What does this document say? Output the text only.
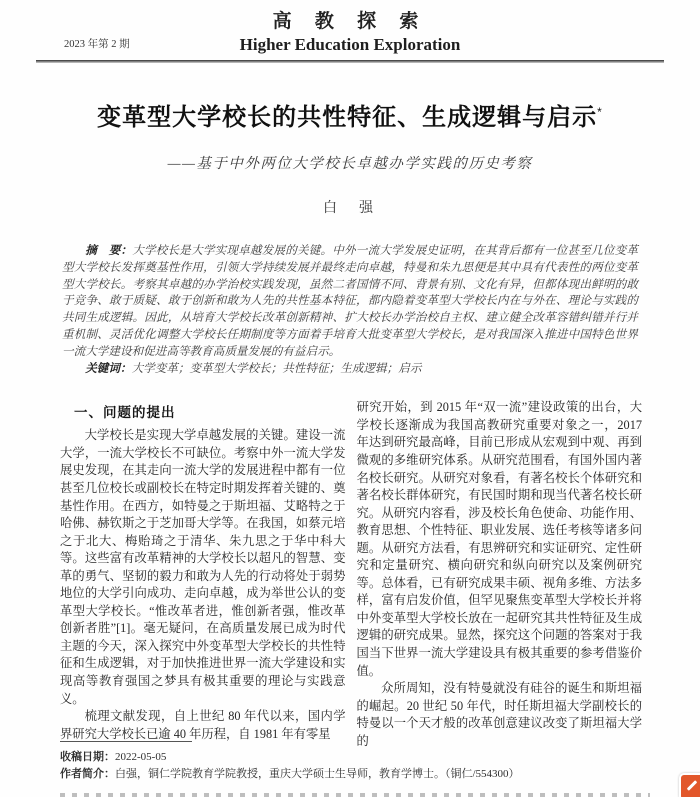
高 教 探 索
Higher Education Exploration
2023 年第 2 期
变革型大学校长的共性特征、生成逻辑与启示*
——基于中外两位大学校长卓越办学实践的历史考察
白　强

摘　要：大学校长是大学实现卓越发展的关键。中外一流大学发展史证明，在其背后都有一位甚至几位变革型大学校长发挥奠基性作用，引领大学持续发展并最终走向卓越，特曼和朱九思便是其中具有代表性的两位变革型大学校长。考察其卓越的办学治校实践发现，虽然二者国情不同、背景有别、文化有异，但都体现出鲜明的敢于竞争、敢于质疑、敢于创新和敢为人先的共性基本特征，都内隐着变革型大学校长内在与外在、理论与实践的共同生成逻辑。因此，从培育大学校长改革创新精神、扩大校长办学治校自主权、建立健全改革容错纠错并行并重机制、灵活优化调整大学校长任期制度等方面着手培育大批变革型大学校长，是对我国深入推进中国特色世界一流大学建设和促进高等教育高质量发展的有益启示。

关键词：大学变革；变革型大学校长；共性特征；生成逻辑；启示

一、问题的提出

大学校长是实现大学卓越发展的关键。建设一流大学，一流大学校长不可缺位。考察中外一流大学发展史发现，在其走向一流大学的发展进程中都有一位甚至几位校长或副校长在特定时期发挥着关键的、奠基性作用。在西方，如特曼之于斯坦福、艾略特之于哈佛、赫钦斯之于芝加哥大学等。在我国，如蔡元培之于北大、梅贻琦之于清华、朱九思之于华中科大等。这些富有改革精神的大学校长以超凡的智慧、变革的勇气、坚韧的毅力和敢为人先的行动将处于弱势地位的大学引向成功、走向卓越，成为举世公认的变革型大学校长。“惟改革者进，惟创新者强，惟改革创新者胜”[1]。毫无疑问，在高质量发展已成为时代主题的今天，深入探究中外变革型大学校长的共性特征和生成逻辑，对于加快推进世界一流大学建设和实现高等教育强国之梦具有极其重要的理论与实践意义。

梳理文献发现，自上世纪 80 年代以来，国内学界研究大学校长已逾 40 年历程，自 1981 年有零星

研究开始，到 2015 年“双一流”建设政策的出台，大学校长逐渐成为我国高教研究重要对象之一，2017 年达到研究最高峰，目前已形成从宏观到中观、再到微观的多维研究体系。从研究范围看，有国外国内著名校长研究。从研究对象看，有著名校长个体研究和著名校长群体研究，有民国时期和现当代著名校长研究。从研究内容看，涉及校长角色使命、功能作用、教育思想、个性特征、职业发展、选任考核等诸多问题。从研究方法看，有思辨研究和实证研究、定性研究和定量研究、横向研究和纵向研究以及案例研究等。总体看，已有研究成果丰硕、视角多维、方法多样，富有启发价值，但罕见聚焦变革型大学校长并将中外变革型大学校长放在一起研究其共性特征及生成逻辑的研究成果。显然，探究这个问题的答案对于我国当下世界一流大学建设具有极其重要的参考借鉴价值。

众所周知，没有特曼就没有硅谷的诞生和斯坦福的崛起。20 世纪 50 年代，时任斯坦福大学副校长的特曼以一个天才般的改革创意建议改变了斯坦福大学的

收稿日期：2022-05-05
作者简介：白强，铜仁学院教育学院教授，重庆大学硕士生导师，教育学博士。（铜仁/554300）
